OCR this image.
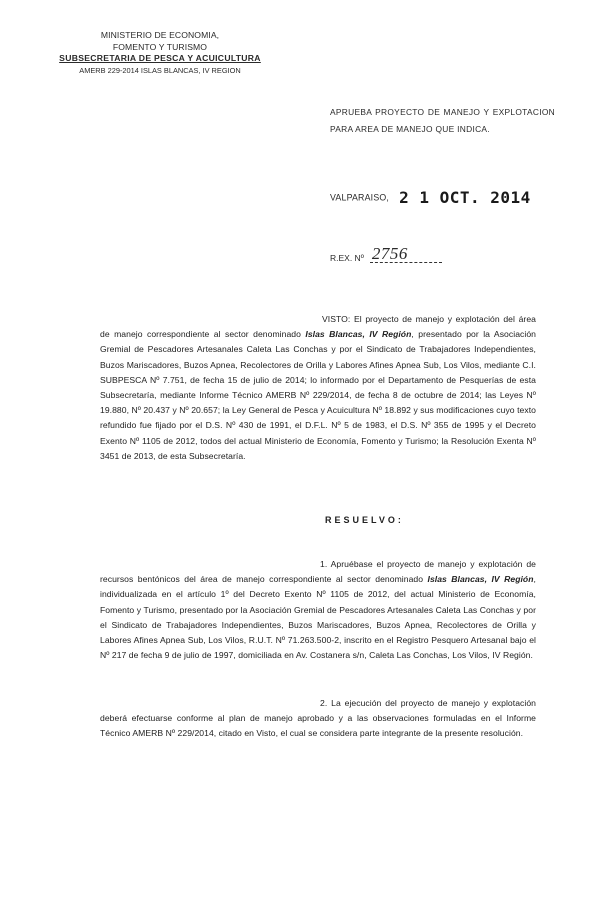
MINISTERIO DE ECONOMIA,
FOMENTO Y TURISMO
SUBSECRETARIA DE PESCA Y ACUICULTURA
AMERB 229-2014 ISLAS BLANCAS, IV REGION
APRUEBA PROYECTO DE MANEJO Y EXPLOTACION PARA AREA DE MANEJO QUE INDICA.
VALPARAISO, 2 1 OCT. 2014
R.EX. Nº 2756
VISTO: El proyecto de manejo y explotación del área de manejo correspondiente al sector denominado Islas Blancas, IV Región, presentado por la Asociación Gremial de Pescadores Artesanales Caleta Las Conchas y por el Sindicato de Trabajadores Independientes, Buzos Mariscadores, Buzos Apnea, Recolectores de Orilla y Labores Afines Apnea Sub, Los Vilos, mediante C.I. SUBPESCA Nº 7.751, de fecha 15 de julio de 2014; lo informado por el Departamento de Pesquerías de esta Subsecretaría, mediante Informe Técnico AMERB Nº 229/2014, de fecha 8 de octubre de 2014; las Leyes Nº 19.880, Nº 20.437 y Nº 20.657; la Ley General de Pesca y Acuicultura Nº 18.892 y sus modificaciones cuyo texto refundido fue fijado por el D.S. Nº 430 de 1991, el D.F.L. Nº 5 de 1983, el D.S. Nº 355 de 1995 y el Decreto Exento Nº 1105 de 2012, todos del actual Ministerio de Economía, Fomento y Turismo; la Resolución Exenta Nº 3451 de 2013, de esta Subsecretaría.
RESUELVO:
1. Apruébase el proyecto de manejo y explotación de recursos bentónicos del área de manejo correspondiente al sector denominado Islas Blancas, IV Región, individualizada en el artículo 1º del Decreto Exento Nº 1105 de 2012, del actual Ministerio de Economía, Fomento y Turismo, presentado por la Asociación Gremial de Pescadores Artesanales Caleta Las Conchas y por el Sindicato de Trabajadores Independientes, Buzos Mariscadores, Buzos Apnea, Recolectores de Orilla y Labores Afines Apnea Sub, Los Vilos, R.U.T. Nº 71.263.500-2, inscrito en el Registro Pesquero Artesanal bajo el Nº 217 de fecha 9 de julio de 1997, domiciliada en Av. Costanera s/n, Caleta Las Conchas, Los Vilos, IV Región.
2. La ejecución del proyecto de manejo y explotación deberá efectuarse conforme al plan de manejo aprobado y a las observaciones formuladas en el Informe Técnico AMERB Nº 229/2014, citado en Visto, el cual se considera parte integrante de la presente resolución.
